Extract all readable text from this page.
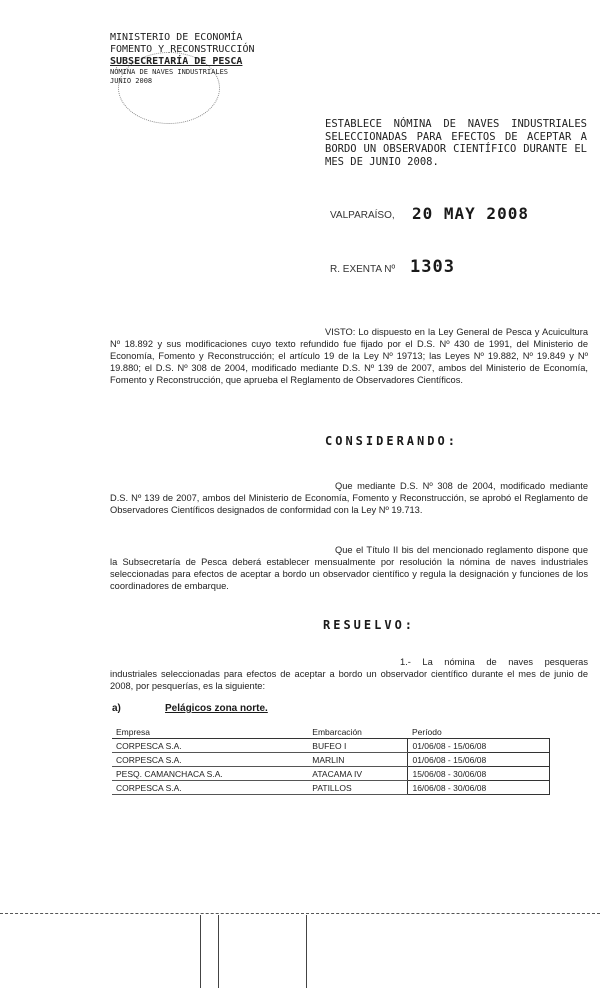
MINISTERIO DE ECONOMÍA
FOMENTO Y RECONSTRUCCIÓN
SUBSECRETARÍA DE PESCA
NÓMINA DE NAVES INDUSTRIALES
JUNIO 2008
ESTABLECE NÓMINA DE NAVES INDUSTRIALES SELECCIONADAS PARA EFECTOS DE ACEPTAR A BORDO UN OBSERVADOR CIENTÍFICO DURANTE EL MES DE JUNIO 2008.
VALPARAÍSO, 20 MAY 2008
R. EXENTA Nº 1303
VISTO: Lo dispuesto en la Ley General de Pesca y Acuicultura Nº 18.892 y sus modificaciones cuyo texto refundido fue fijado por el D.S. Nº 430 de 1991, del Ministerio de Economía, Fomento y Reconstrucción; el artículo 19 de la Ley Nº 19713; las Leyes Nº 19.882, Nº 19.849 y Nº 19.880; el D.S. Nº 308 de 2004, modificado mediante D.S. Nº 139 de 2007, ambos del Ministerio de Economía, Fomento y Reconstrucción, que aprueba el Reglamento de Observadores Científicos.
CONSIDERANDO:
Que mediante D.S. Nº 308 de 2004, modificado mediante D.S. Nº 139 de 2007, ambos del Ministerio de Economía, Fomento y Reconstrucción, se aprobó el Reglamento de Observadores Científicos designados de conformidad con la Ley Nº 19.713.
Que el Título II bis del mencionado reglamento dispone que la Subsecretaría de Pesca deberá establecer mensualmente por resolución la nómina de naves industriales seleccionadas para efectos de aceptar a bordo un observador científico y regula la designación y funciones de los coordinadores de embarque.
RESUELVO:
1.- La nómina de naves pesqueras industriales seleccionadas para efectos de aceptar a bordo un observador científico durante el mes de junio de 2008, por pesquerías, es la siguiente:
a)	Pelágicos zona norte.
Empresa	Embarcación	Período
CORPESCA S.A.	BUFEO I	01/06/08 - 15/06/08
CORPESCA S.A.	MARLIN	01/06/08 - 15/06/08
PESQ. CAMANCHACA S.A.	ATACAMA IV	15/06/08 - 30/06/08
CORPESCA S.A.	PATILLOS	16/06/08 - 30/06/08
